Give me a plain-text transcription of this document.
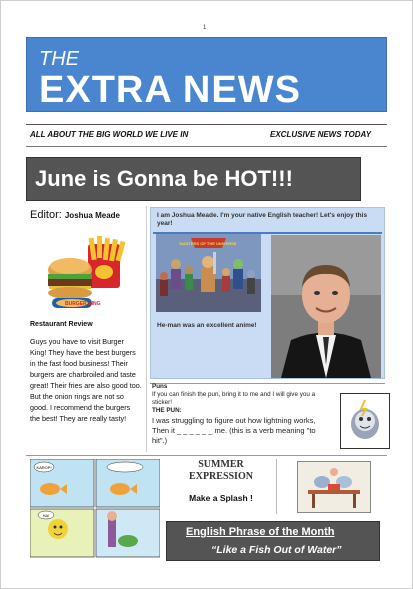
1
THE
EXTRA NEWS
ALL ABOUT THE BIG WORLD WE LIVE IN	EXCLUSIVE NEWS TODAY
June is Gonna be HOT!!!
Editor: Joshua Meade
BURGER KING
Restaurant Review
Guys you have to visit Burger King! They have the best burgers in the fast food business! Their burgers are charbroiled and taste great! Their fries are also good too. But the onion rings are not so good. I recommend the burgers the best! They are really tasty!
I am Joshua Meade. I'm your native English teacher! Let's enjoy this year!
MASTERS OF THE UNIVERSE
He-man was an excellent anime!
Puns
If you can finish the pun, bring it to me and I will give you a sticker!
THE PUN:
I was struggling to figure out how lightning works, Then it _ _ _ _ _ _ me. (this is a verb meaning "to hit".)
KAROP!
HA!
SUMMER
EXPRESSION
Make a Splash !
English Phrase of the Month
“Like a Fish Out of Water”
